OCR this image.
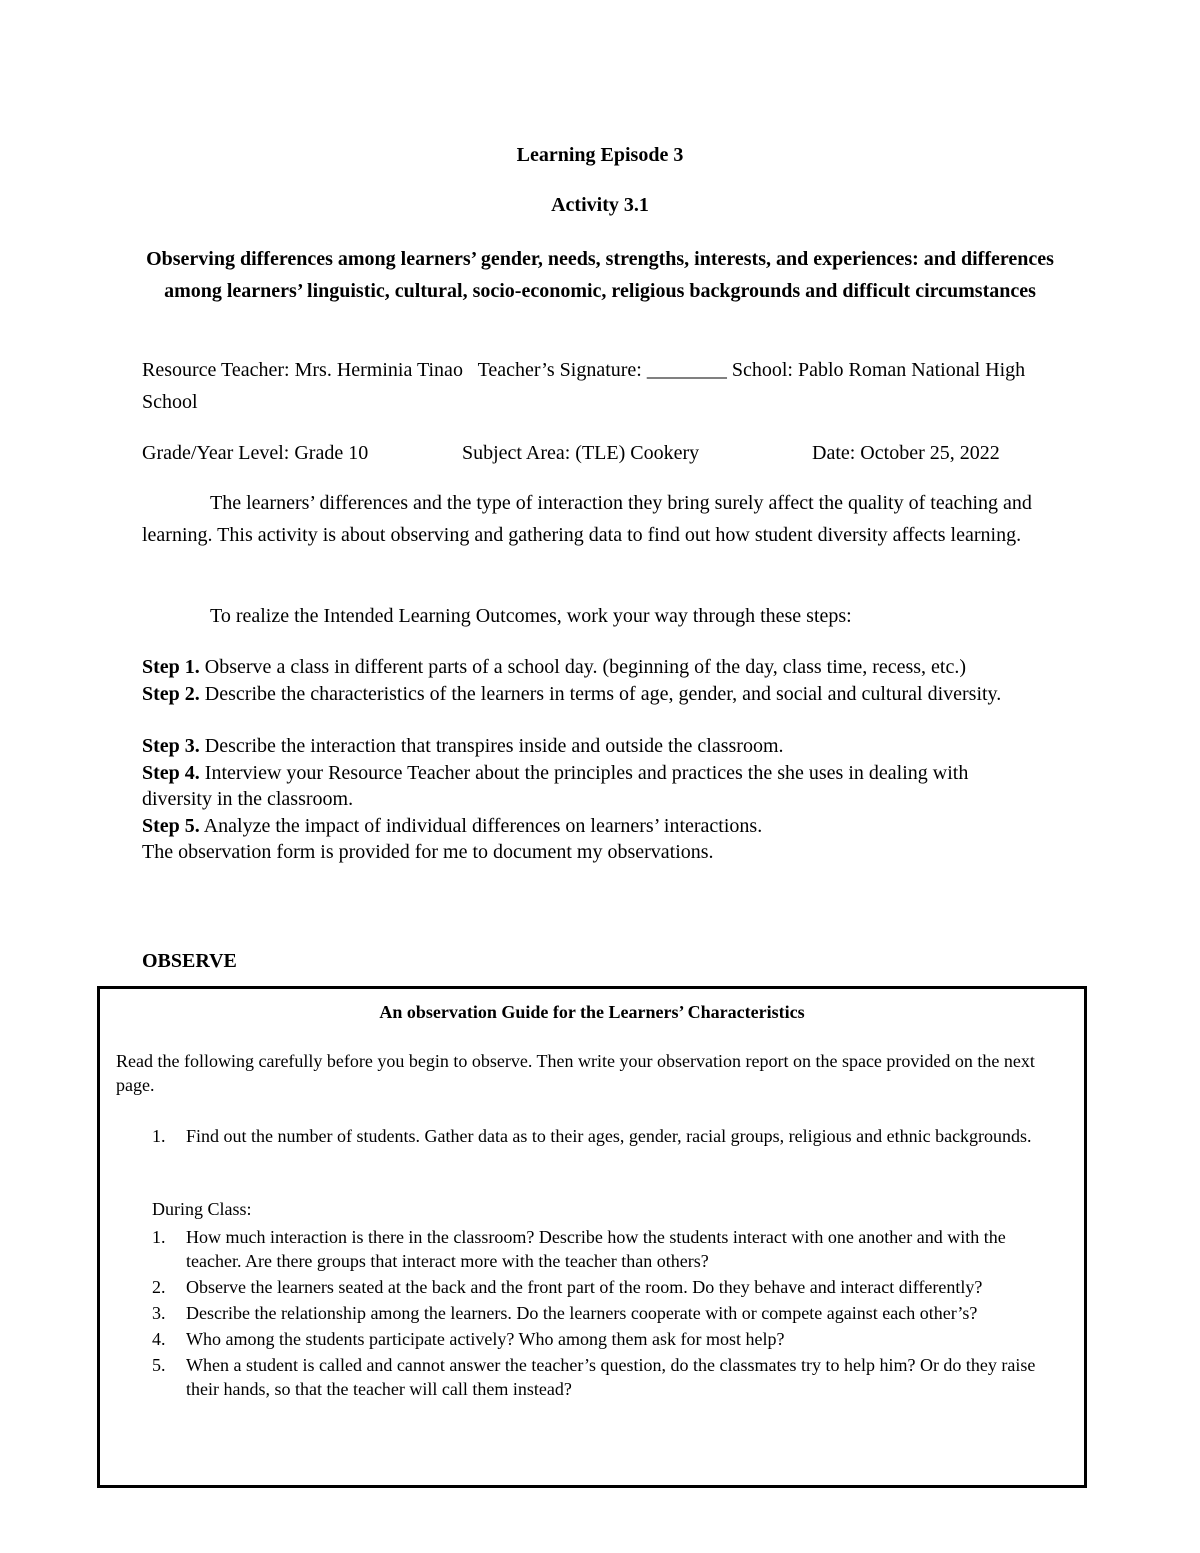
Learning Episode 3
Activity 3.1
Observing differences among learners’ gender, needs, strengths, interests, and experiences: and differences among learners’ linguistic, cultural, socio-economic, religious backgrounds and difficult circumstances
Resource Teacher: Mrs. Herminia Tinao Teacher’s Signature: ________ School: Pablo Roman National High School
Grade/Year Level: Grade 10	Subject Area: (TLE) Cookery	Date: October 25, 2022
The learners’ differences and the type of interaction they bring surely affect the quality of teaching and learning. This activity is about observing and gathering data to find out how student diversity affects learning.
To realize the Intended Learning Outcomes, work your way through these steps:
Step 1. Observe a class in different parts of a school day. (beginning of the day, class time, recess, etc.)
Step 2. Describe the characteristics of the learners in terms of age, gender, and social and cultural diversity.
Step 3. Describe the interaction that transpires inside and outside the classroom.
Step 4. Interview your Resource Teacher about the principles and practices the she uses in dealing with diversity in the classroom.
Step 5. Analyze the impact of individual differences on learners’ interactions.
The observation form is provided for me to document my observations.
OBSERVE
An observation Guide for the Learners’ Characteristics
Read the following carefully before you begin to observe. Then write your observation report on the space provided on the next page.
1.	Find out the number of students. Gather data as to their ages, gender, racial groups, religious and ethnic backgrounds.
During Class:
1.	How much interaction is there in the classroom? Describe how the students interact with one another and with the teacher. Are there groups that interact more with the teacher than others?
2.	Observe the learners seated at the back and the front part of the room. Do they behave and interact differently?
3.	Describe the relationship among the learners. Do the learners cooperate with or compete against each other’s?
4.	Who among the students participate actively? Who among them ask for most help?
5.	When a student is called and cannot answer the teacher’s question, do the classmates try to help him? Or do they raise their hands, so that the teacher will call them instead?
